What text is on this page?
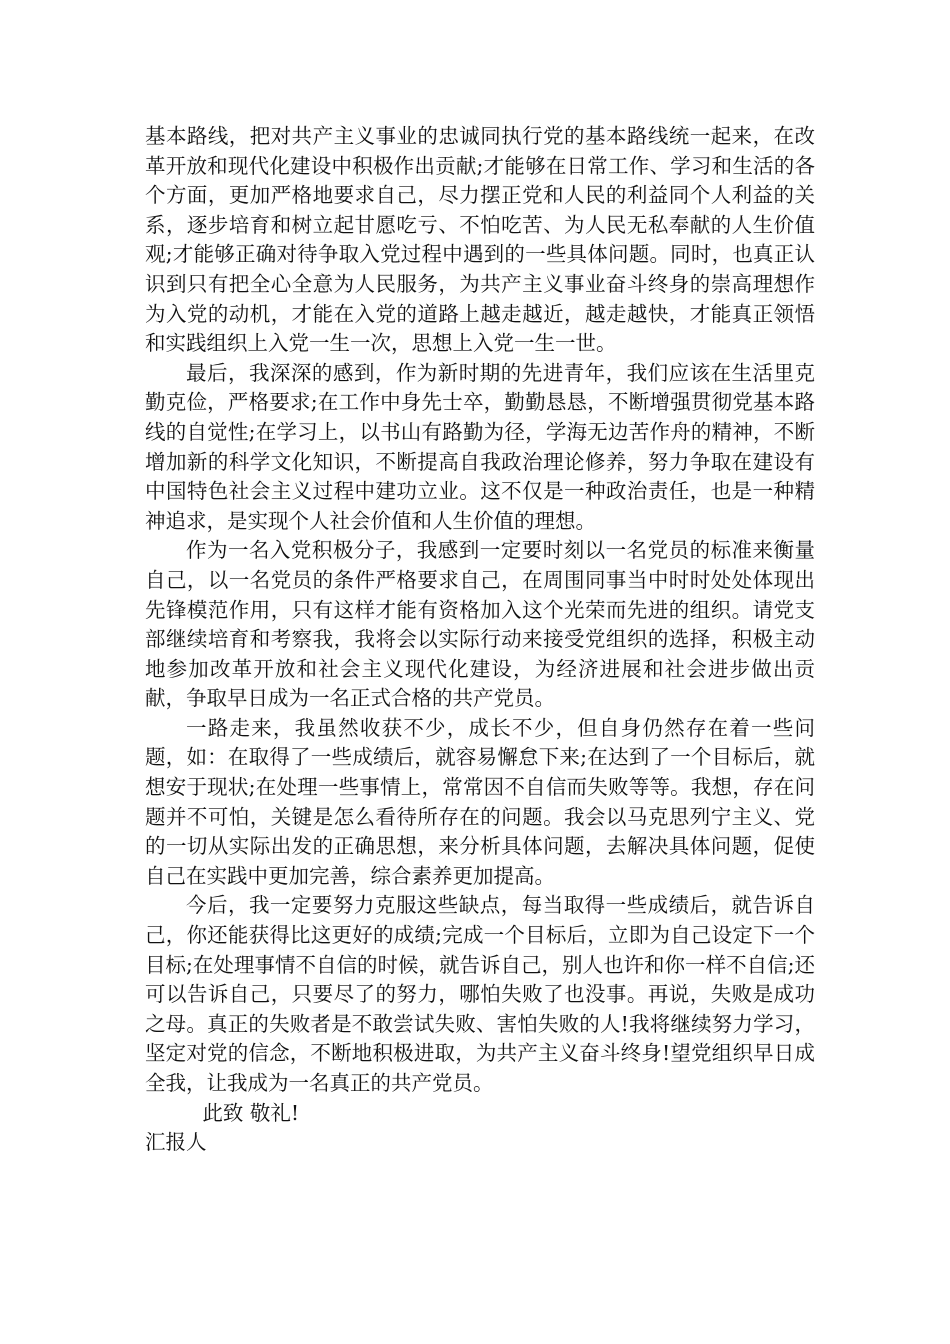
基本路线，把对共产主义事业的忠诚同执行党的基本路线统一起来，在改革开放和现代化建设中积极作出贡献;才能够在日常工作、学习和生活的各个方面，更加严格地要求自己，尽力摆正党和人民的利益同个人利益的关系，逐步培育和树立起甘愿吃亏、不怕吃苦、为人民无私奉献的人生价值观;才能够正确对待争取入党过程中遇到的一些具体问题。同时，也真正认识到只有把全心全意为人民服务，为共产主义事业奋斗终身的崇高理想作为入党的动机，才能在入党的道路上越走越近，越走越快，才能真正领悟和实践组织上入党一生一次，思想上入党一生一世。

最后，我深深的感到，作为新时期的先进青年，我们应该在生活里克勤克俭，严格要求;在工作中身先士卒，勤勤恳恳，不断增强贯彻党基本路线的自觉性;在学习上，以书山有路勤为径，学海无边苦作舟的精神，不断增加新的科学文化知识，不断提高自我政治理论修养，努力争取在建设有中国特色社会主义过程中建功立业。这不仅是一种政治责任，也是一种精神追求，是实现个人社会价值和人生价值的理想。

作为一名入党积极分子，我感到一定要时刻以一名党员的标准来衡量自己，以一名党员的条件严格要求自己，在周围同事当中时时处处体现出先锋模范作用，只有这样才能有资格加入这个光荣而先进的组织。请党支部继续培育和考察我，我将会以实际行动来接受党组织的选择，积极主动地参加改革开放和社会主义现代化建设，为经济进展和社会进步做出贡献，争取早日成为一名正式合格的共产党员。

一路走来，我虽然收获不少，成长不少，但自身仍然存在着一些问题，如：在取得了一些成绩后，就容易懈怠下来;在达到了一个目标后，就想安于现状;在处理一些事情上，常常因不自信而失败等等。我想，存在问题并不可怕，关键是怎么看待所存在的问题。我会以马克思列宁主义、党的一切从实际出发的正确思想，来分析具体问题，去解决具体问题，促使自己在实践中更加完善，综合素养更加提高。

今后，我一定要努力克服这些缺点，每当取得一些成绩后，就告诉自己，你还能获得比这更好的成绩;完成一个目标后，立即为自己设定下一个目标;在处理事情不自信的时候，就告诉自己，别人也许和你一样不自信;还可以告诉自己，只要尽了的努力，哪怕失败了也没事。再说，失败是成功之母。真正的失败者是不敢尝试失败、害怕失败的人!我将继续努力学习，坚定对党的信念，不断地积极进取，为共产主义奋斗终身!望党组织早日成全我，让我成为一名真正的共产党员。

此致 敬礼!

汇报人
